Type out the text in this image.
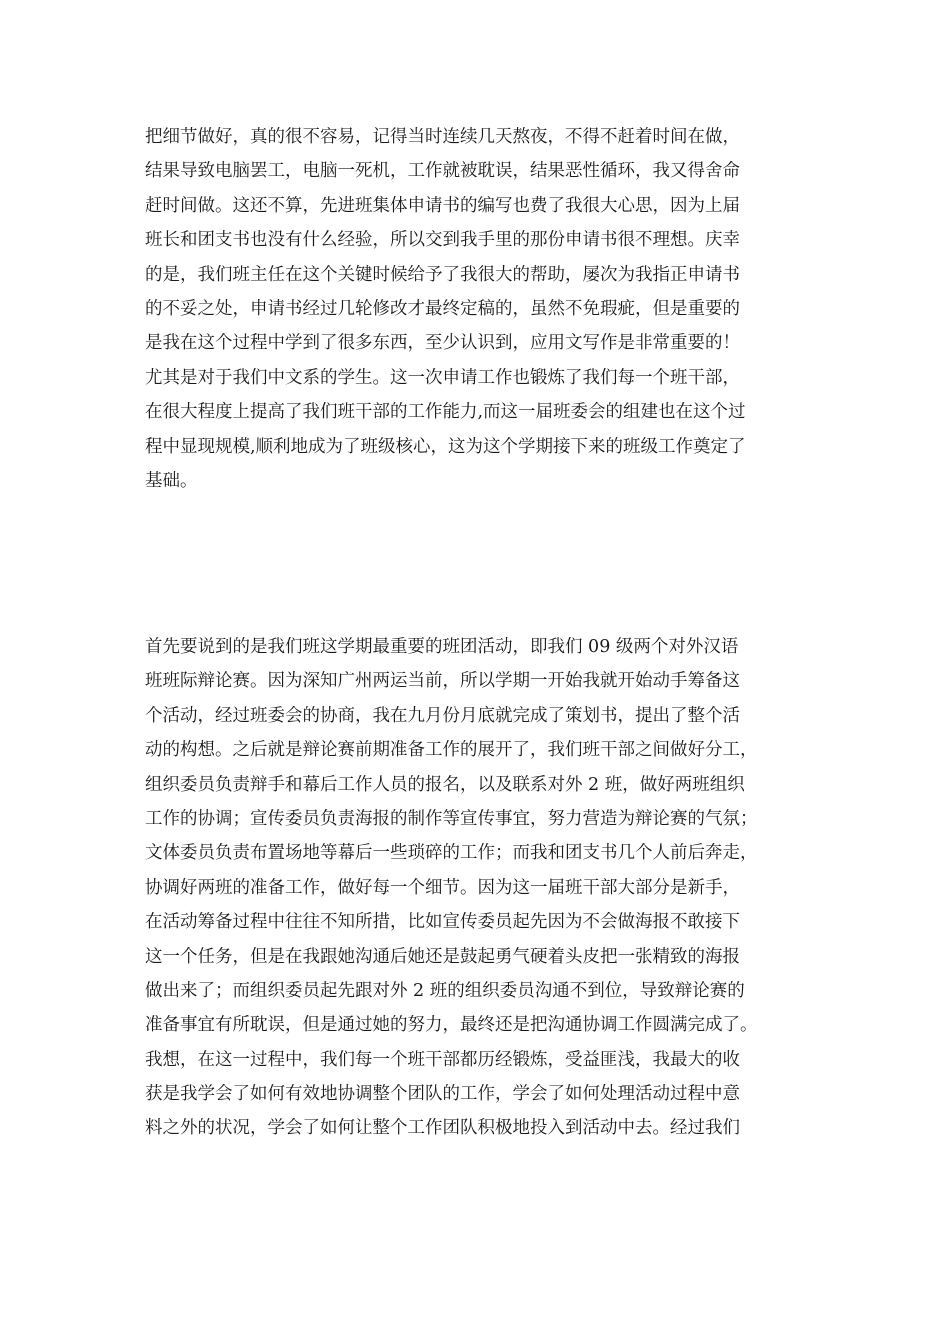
把细节做好，真的很不容易，记得当时连续几天熬夜，不得不赶着时间在做，
结果导致电脑罢工，电脑一死机，工作就被耽误，结果恶性循环，我又得舍命
赶时间做。这还不算，先进班集体申请书的编写也费了我很大心思，因为上届
班长和团支书也没有什么经验，所以交到我手里的那份申请书很不理想。庆幸
的是，我们班主任在这个关键时候给予了我很大的帮助，屡次为我指正申请书
的不妥之处，申请书经过几轮修改才最终定稿的，虽然不免瑕疵，但是重要的
是我在这个过程中学到了很多东西，至少认识到，应用文写作是非常重要的！
尤其是对于我们中文系的学生。这一次申请工作也锻炼了我们每一个班干部，
在很大程度上提高了我们班干部的工作能力,而这一届班委会的组建也在这个过
程中显现规模,顺利地成为了班级核心，这为这个学期接下来的班级工作奠定了
基础。
首先要说到的是我们班这学期最重要的班团活动，即我们 09 级两个对外汉语
班班际辩论赛。因为深知广州两运当前，所以学期一开始我就开始动手筹备这
个活动，经过班委会的协商，我在九月份月底就完成了策划书，提出了整个活
动的构想。之后就是辩论赛前期准备工作的展开了，我们班干部之间做好分工，
组织委员负责辩手和幕后工作人员的报名，以及联系对外 2 班，做好两班组织
工作的协调；宣传委员负责海报的制作等宣传事宜，努力营造为辩论赛的气氛；
文体委员负责布置场地等幕后一些琐碎的工作；而我和团支书几个人前后奔走，
协调好两班的准备工作，做好每一个细节。因为这一届班干部大部分是新手，
在活动筹备过程中往往不知所措，比如宣传委员起先因为不会做海报不敢接下
这一个任务，但是在我跟她沟通后她还是鼓起勇气硬着头皮把一张精致的海报
做出来了；而组织委员起先跟对外 2 班的组织委员沟通不到位，导致辩论赛的
准备事宜有所耽误，但是通过她的努力，最终还是把沟通协调工作圆满完成了。
我想，在这一过程中，我们每一个班干部都历经锻炼，受益匪浅，我最大的收
获是我学会了如何有效地协调整个团队的工作，学会了如何处理活动过程中意
料之外的状况，学会了如何让整个工作团队积极地投入到活动中去。经过我们
